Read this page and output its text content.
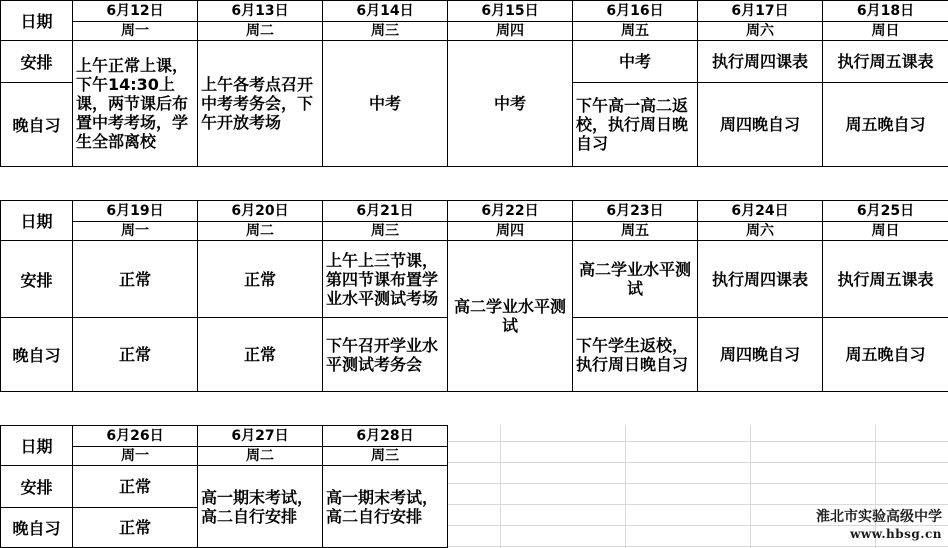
日期	6月12日	6月13日	6月14日	6月15日	6月16日	6月17日	6月18日
	周一	周二	周三	周四	周五	周六	周日
安排	上午正常上课，下午14:30上课，两节课后布置中考考场，学生全部离校	上午各考点召开中考考务会，下午开放考场	中考	中考	中考	执行周四课表	执行周五课表
晚自习					下午高一高二返校，执行周日晚自习	周四晚自习	周五晚自习
日期	6月19日	6月20日	6月21日	6月22日	6月23日	6月24日	6月25日
	周一	周二	周三	周四	周五	周六	周日
安排	正常	正常	上午上三节课，第四节课布置学业水平测试考场	高二学业水平测试	高二学业水平测试	执行周四课表	执行周五课表
晚自习	正常	正常	下午召开学业水平测试考务会		下午学生返校，执行周日晚自习	周四晚自习	周五晚自习
日期	6月26日	6月27日	6月28日
	周一	周二	周三
安排	正常	高一期末考试，高二自行安排	高一期末考试，高二自行安排
晚自习	正常		
淮北市实验高级中学
www.hbsg.cn
